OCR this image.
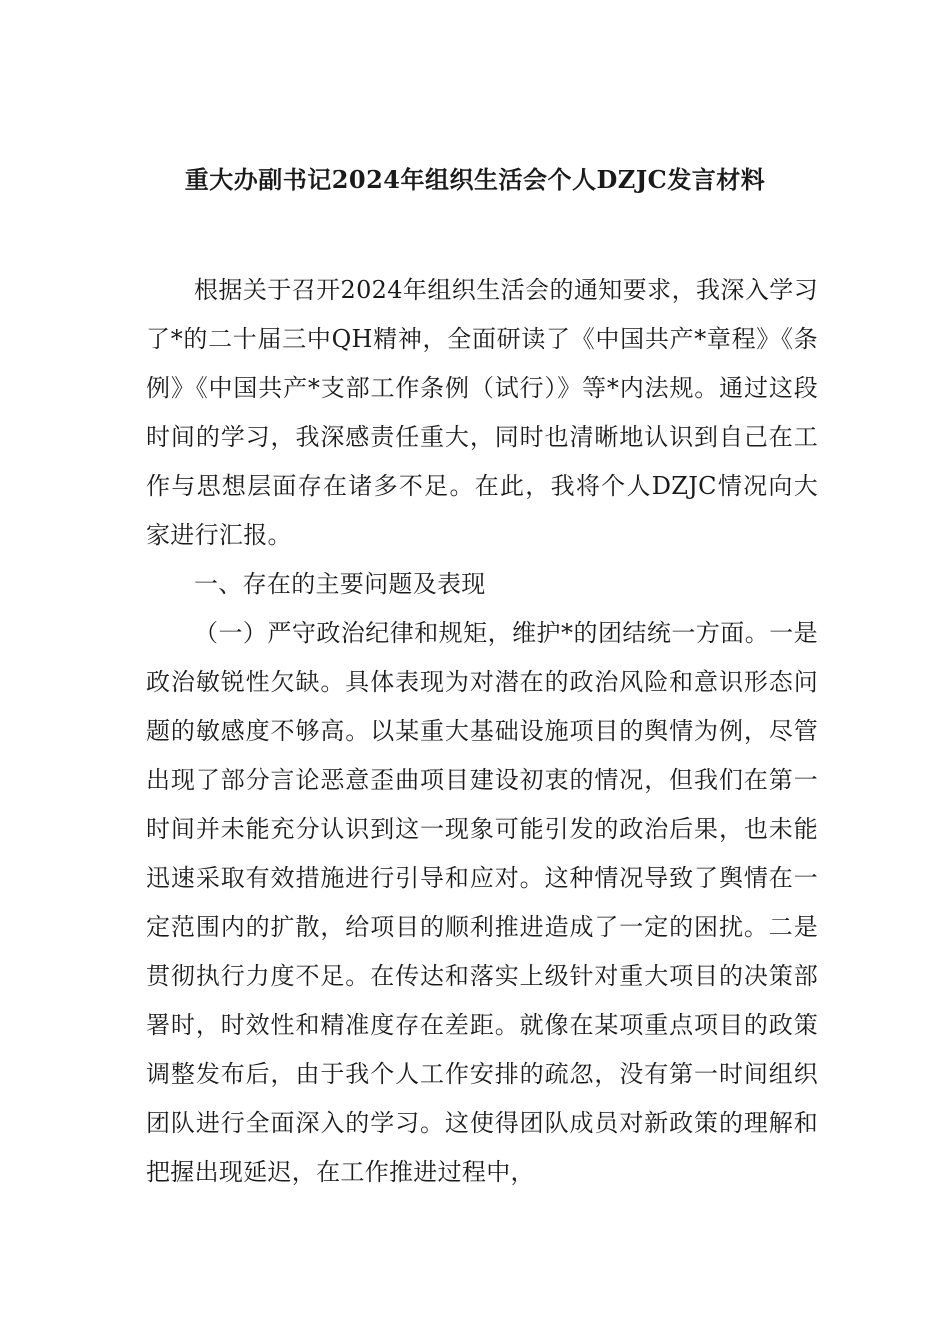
重大办副书记2024年组织生活会个人DZJC发言材料

根据关于召开2024年组织生活会的通知要求，我深入学习了*的二十届三中QH精神，全面研读了《中国共产*章程》《条例》《中国共产*支部工作条例（试行）》等*内法规。通过这段时间的学习，我深感责任重大，同时也清晰地认识到自己在工作与思想层面存在诸多不足。在此，我将个人DZJC情况向大家进行汇报。

一、存在的主要问题及表现

（一）严守政治纪律和规矩，维护*的团结统一方面。一是政治敏锐性欠缺。具体表现为对潜在的政治风险和意识形态问题的敏感度不够高。以某重大基础设施项目的舆情为例，尽管出现了部分言论恶意歪曲项目建设初衷的情况，但我们在第一时间并未能充分认识到这一现象可能引发的政治后果，也未能迅速采取有效措施进行引导和应对。这种情况导致了舆情在一定范围内的扩散，给项目的顺利推进造成了一定的困扰。二是贯彻执行力度不足。在传达和落实上级针对重大项目的决策部署时，时效性和精准度存在差距。就像在某项重点项目的政策调整发布后，由于我个人工作安排的疏忽，没有第一时间组织团队进行全面深入的学习。这使得团队成员对新政策的理解和把握出现延迟，在工作推进过程中，
